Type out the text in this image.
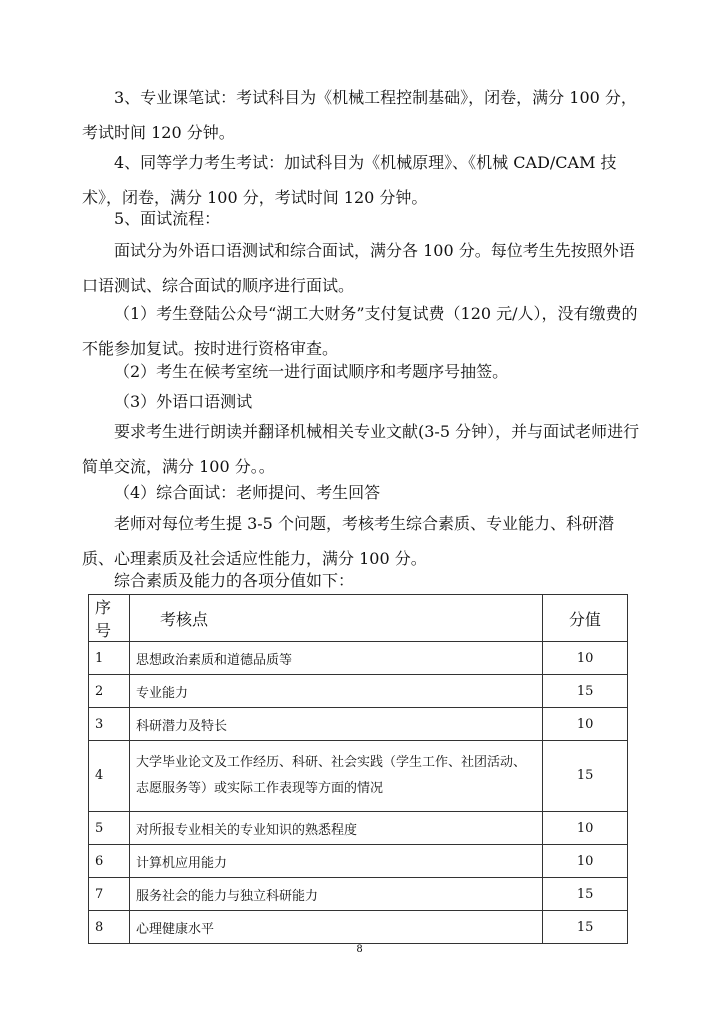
3、专业课笔试：考试科目为《机械工程控制基础》，闭卷，满分 100 分，考试时间 120 分钟。

4、同等学力考生考试：加试科目为《机械原理》、《机械 CAD/CAM 技术》，闭卷，满分 100 分，考试时间 120 分钟。

5、面试流程：

面试分为外语口语测试和综合面试，满分各 100 分。每位考生先按照外语口语测试、综合面试的顺序进行面试。

（1）考生登陆公众号“湖工大财务”支付复试费（120 元/人），没有缴费的不能参加复试。按时进行资格审查。

（2）考生在候考室统一进行面试顺序和考题序号抽签。

（3）外语口语测试

要求考生进行朗读并翻译机械相关专业文献(3-5 分钟），并与面试老师进行简单交流，满分 100 分。。

（4）综合面试：老师提问、考生回答

老师对每位考生提 3-5 个问题，考核考生综合素质、专业能力、科研潜质、心理素质及社会适应性能力，满分 100 分。

综合素质及能力的各项分值如下：

序号	考核点	分值
1	思想政治素质和道德品质等	10
2	专业能力	15
3	科研潜力及特长	10
4	大学毕业论文及工作经历、科研、社会实践（学生工作、社团活动、志愿服务等）或实际工作表现等方面的情况	15
5	对所报专业相关的专业知识的熟悉程度	10
6	计算机应用能力	10
7	服务社会的能力与独立科研能力	15
8	心理健康水平	15
8
